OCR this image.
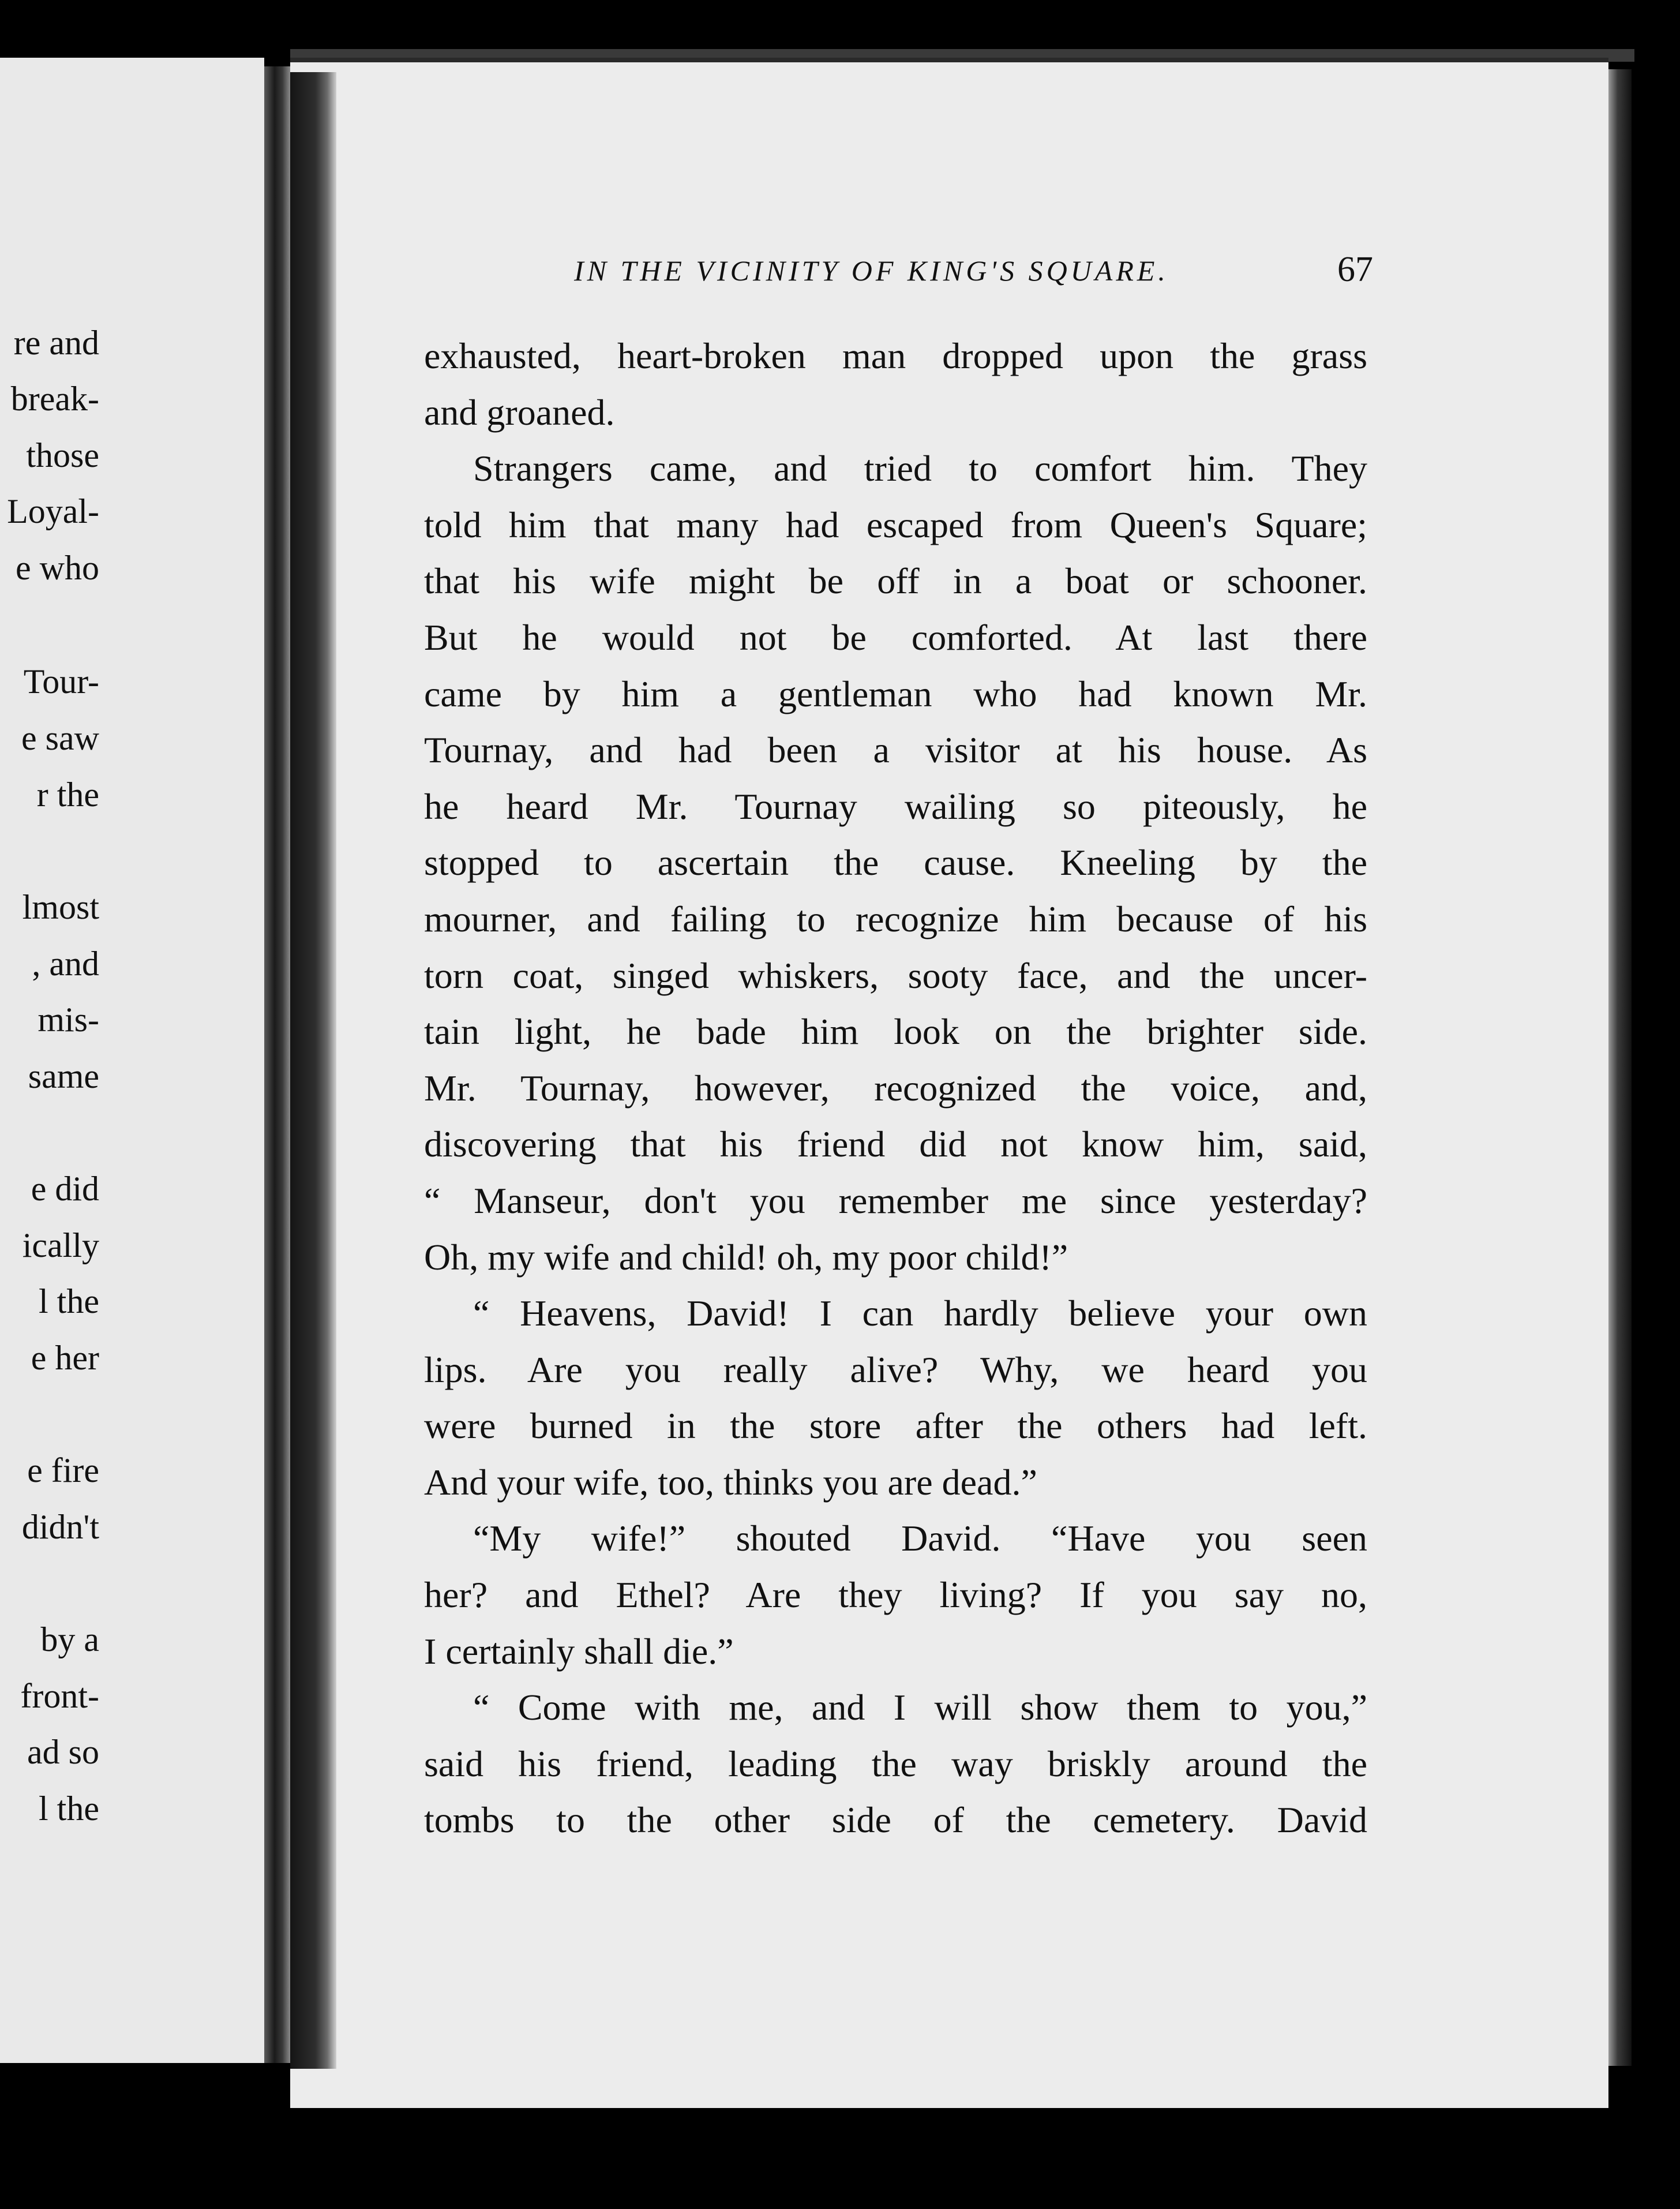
re and
break-
those
Loyal-
e who
Tour-
e saw
r the
lmost
, and
mis-
same
e did
ically
l the
e her
e fire
didn't
by a
front-
ad so
l the
IN THE VICINITY OF KING'S SQUARE.	67
exhausted, heart-broken man dropped upon the grass
and groaned.
Strangers came, and tried to comfort him. They
told him that many had escaped from Queen's Square;
that his wife might be off in a boat or schooner.
But he would not be comforted. At last there
came by him a gentleman who had known Mr.
Tournay, and had been a visitor at his house. As
he heard Mr. Tournay wailing so piteously, he
stopped to ascertain the cause. Kneeling by the
mourner, and failing to recognize him because of his
torn coat, singed whiskers, sooty face, and the uncer-
tain light, he bade him look on the brighter side.
Mr. Tournay, however, recognized the voice, and,
discovering that his friend did not know him, said,
“ Manseur, don't you remember me since yesterday?
Oh, my wife and child! oh, my poor child!”
“ Heavens, David! I can hardly believe your own
lips. Are you really alive? Why, we heard you
were burned in the store after the others had left.
And your wife, too, thinks you are dead.”
“My wife!” shouted David. “Have you seen
her? and Ethel? Are they living? If you say no,
I certainly shall die.”
“ Come with me, and I will show them to you,”
said his friend, leading the way briskly around the
tombs to the other side of the cemetery. David
